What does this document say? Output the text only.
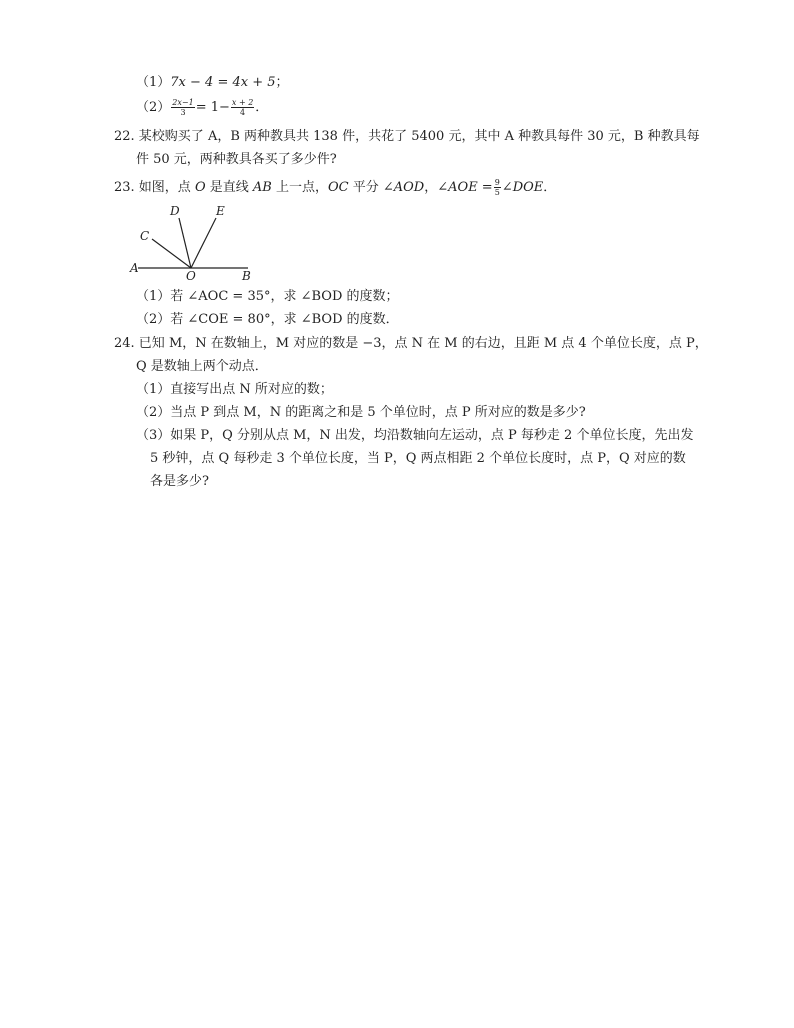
（1）7x − 4 = 4x + 5；
$(2) \frac{2x-1}{3} = 1- \frac{x + 2}{4}$ ．
22. 某校购买了 A，B 两种教具共 138 件，共花了 5400 元，其中 A 种教具每件 30 元，B 种教具每
件 50 元，两种教具各买了多少件?
23. 如图，点 O 是直线 AB 上一点，OC 平分 ∠AOD，∠AOE = $\frac{9}{5}$ ∠DOE．
A
B
C
D	E
O
（1）若 ∠AOC = 35°，求 ∠BOD 的度数；
（2）若 ∠COE = 80°，求 ∠BOD 的度数．
24. 已知 M，N 在数轴上，M 对应的数是 −3，点 N 在 M 的右边，且距 M 点 4 个单位长度，点 P，
Q 是数轴上两个动点．
（1）直接写出点 N 所对应的数；
（2）当点 P 到点 M，N 的距离之和是 5 个单位时，点 P 所对应的数是多少?
（3）如果 P，Q 分别从点 M，N 出发，均沿数轴向左运动，点 P 每秒走 2 个单位长度，先出发
5 秒钟，点 Q 每秒走 3 个单位长度，当 P，Q 两点相距 2 个单位长度时，点 P，Q 对应的数
各是多少?
